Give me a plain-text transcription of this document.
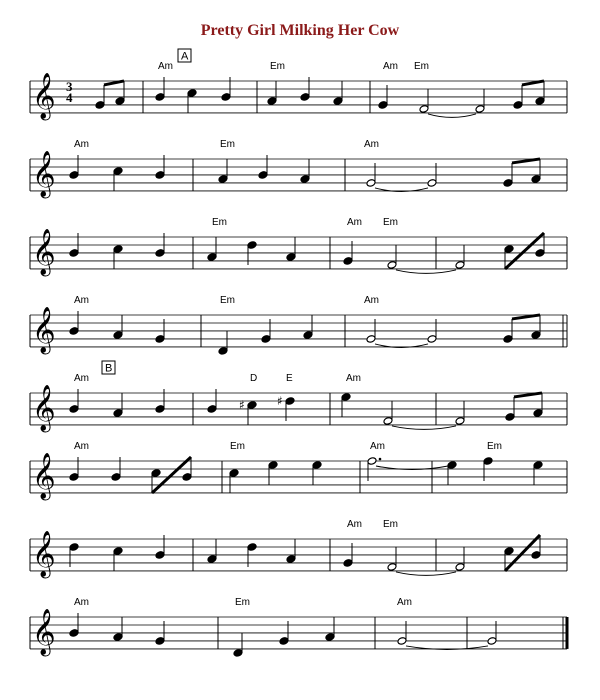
Pretty Girl Milking Her Cow
𝄞 3
4
Am	Em	Am Em
A
𝄞
Am	Em	Am
𝄞
Em	Am Em
𝄞
Am	Em	Am
𝄞
Am	D	E	Am
B
♯	♯
𝄞
Am	Em	Am	Em
𝄞
Am Em
𝄞
Am	Em	Am
